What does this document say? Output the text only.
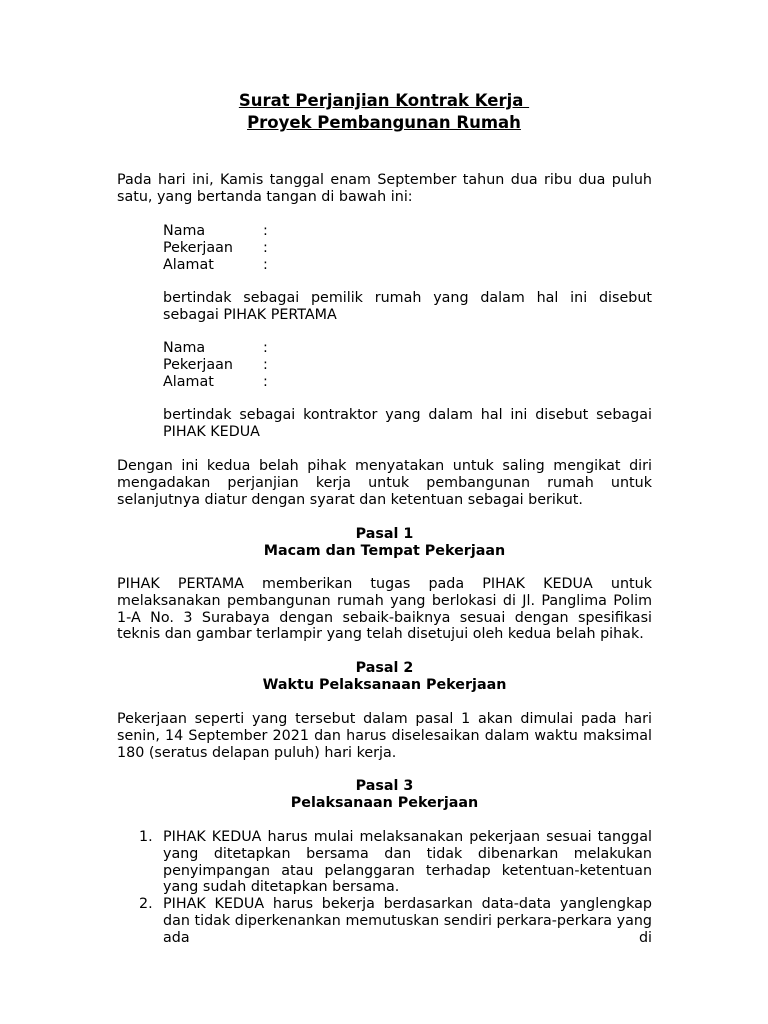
Surat Perjanjian Kontrak Kerja
Proyek Pembangunan Rumah
Pada hari ini, Kamis tanggal enam September tahun dua ribu dua puluh satu, yang bertanda tangan di bawah ini:
Nama	:
Pekerjaan	:
Alamat	:
bertindak sebagai pemilik rumah yang dalam hal ini disebut sebagai PIHAK PERTAMA
Nama	:
Pekerjaan	:
Alamat	:
bertindak sebagai kontraktor yang dalam hal ini disebut sebagai PIHAK KEDUA
Dengan ini kedua belah pihak menyatakan untuk saling mengikat diri mengadakan perjanjian kerja untuk pembangunan rumah untuk selanjutnya diatur dengan syarat dan ketentuan sebagai berikut.
Pasal 1
Macam dan Tempat Pekerjaan
PIHAK PERTAMA memberikan tugas pada PIHAK KEDUA untuk melaksanakan pembangunan rumah yang berlokasi di Jl. Panglima Polim 1-A No. 3 Surabaya dengan sebaik-baiknya sesuai dengan spesifikasi teknis dan gambar terlampir yang telah disetujui oleh kedua belah pihak.
Pasal 2
Waktu Pelaksanaan Pekerjaan
Pekerjaan seperti yang tersebut dalam pasal 1 akan dimulai pada hari senin, 14 September 2021 dan harus diselesaikan dalam waktu maksimal 180 (seratus delapan puluh) hari kerja.
Pasal 3
Pelaksanaan Pekerjaan
1. PIHAK KEDUA harus mulai melaksanakan pekerjaan sesuai tanggal yang ditetapkan bersama dan tidak dibenarkan melakukan penyimpangan atau pelanggaran terhadap ketentuan-ketentuan yang sudah ditetapkan bersama.
2. PIHAK KEDUA harus bekerja berdasarkan data-data yanglengkap dan tidak diperkenankan memutuskan sendiri perkara-perkara yang ada di
